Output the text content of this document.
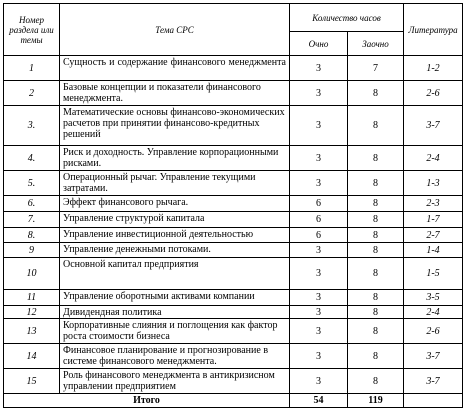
Номер раздела или темы	Тема СРС	Количество часов		Литература
		Очно	Заочно	
1	Сущность и содержание финансового менеджмента	3	7	1-2
2	Базовые концепции и показатели финансового менеджмента.	3	8	2-6
3.	Математические основы финансово-экономических расчетов при принятии финансово-кредитных решений	3	8	3-7
4.	Риск и доходность. Управление корпорационными рисками.	3	8	2-4
5.	Операционный рычаг. Управление текущими затратами.	3	8	1-3
6.	Эффект финансового рычага.	6	8	2-3
7.	Управление структурой капитала	6	8	1-7
8.	Управление инвестиционной деятельностью	6	8	2-7
9	Управление денежными потоками.	3	8	1-4
10	Основной капитал предприятия	3	8	1-5
11	Управление оборотными активами компании	3	8	3-5
12	Дивидендная политика	3	8	2-4
13	Корпоративные слияния и поглощения как фактор роста стоимости бизнеса	3	8	2-6
14	Финансовое планирование и прогнозирование в системе финансового менеджмента.	3	8	3-7
15	Роль финансового менеджмента в антикризисном управлении предприятием	3	8	3-7
Итого		54	119	
